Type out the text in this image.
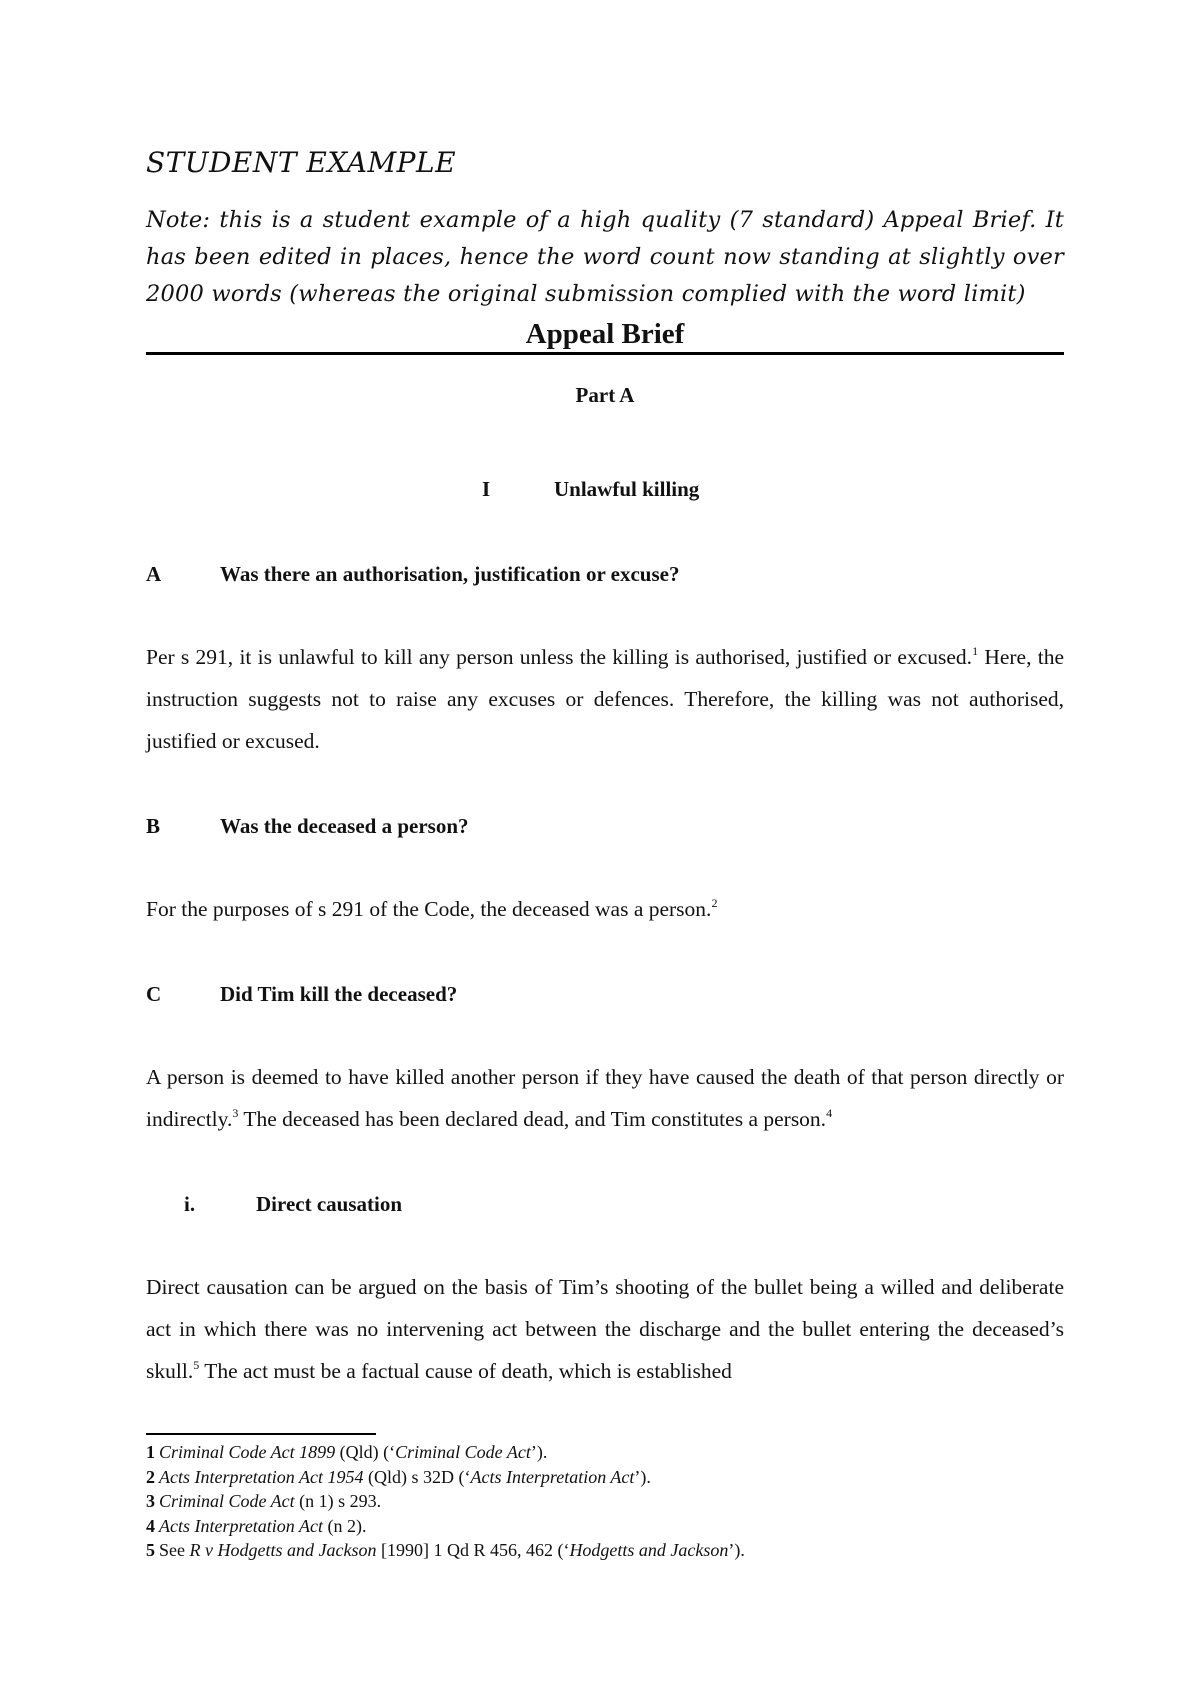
STUDENT EXAMPLE
Note: this is a student example of a high quality (7 standard) Appeal Brief. It has been edited in places, hence the word count now standing at slightly over 2000 words (whereas the original submission complied with the word limit)
Appeal Brief
Part A
I	Unlawful killing
A	Was there an authorisation, justification or excuse?
Per s 291, it is unlawful to kill any person unless the killing is authorised, justified or excused.$^1$ Here, the instruction suggests not to raise any excuses or defences. Therefore, the killing was not authorised, justified or excused.
B	Was the deceased a person?
For the purposes of s 291 of the Code, the deceased was a person.$^2$
C	Did Tim kill the deceased?
A person is deemed to have killed another person if they have caused the death of that person directly or indirectly.$^3$ The deceased has been declared dead, and Tim constitutes a person.$^4$
i.	Direct causation
Direct causation can be argued on the basis of Tim’s shooting of the bullet being a willed and deliberate act in which there was no intervening act between the discharge and the bullet entering the deceased’s skull.$^5$ The act must be a factual cause of death, which is established
1 Criminal Code Act 1899 (Qld) (‘Criminal Code Act’).
2 Acts Interpretation Act 1954 (Qld) s 32D (‘Acts Interpretation Act’).
3 Criminal Code Act (n 1) s 293.
4 Acts Interpretation Act (n 2).
5 See R v Hodgetts and Jackson [1990] 1 Qd R 456, 462 (‘Hodgetts and Jackson’).
